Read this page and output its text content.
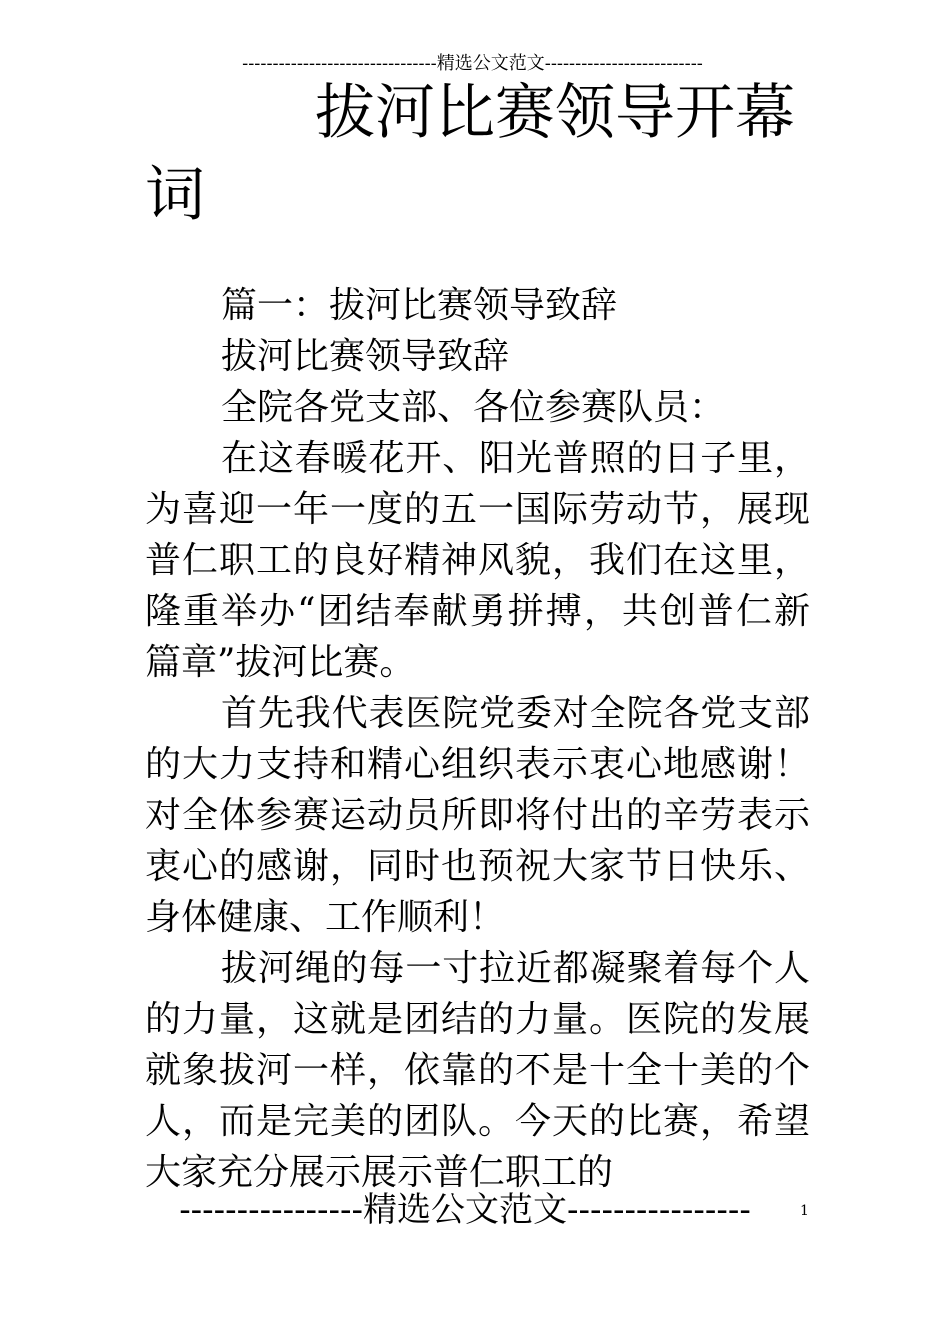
--------------------------------精选公文范文--------------------------
拔河比赛领导开幕
词

篇一：拔河比赛领导致辞

拔河比赛领导致辞

全院各党支部、各位参赛队员：

在这春暖花开、阳光普照的日子里，为喜迎一年一度的五一国际劳动节，展现普仁职工的良好精神风貌，我们在这里，隆重举办“团结奉献勇拼搏，共创普仁新篇章”拔河比赛。

首先我代表医院党委对全院各党支部的大力支持和精心组织表示衷心地感谢！对全体参赛运动员所即将付出的辛劳表示衷心的感谢，同时也预祝大家节日快乐、身体健康、工作顺利！

拔河绳的每一寸拉近都凝聚着每个人的力量，这就是团结的力量。医院的发展就象拔河一样，依靠的不是十全十美的个人，而是完美的团队。今天的比赛，希望大家充分展示展示普仁职工的

----------------精选公文范文----------------	1
